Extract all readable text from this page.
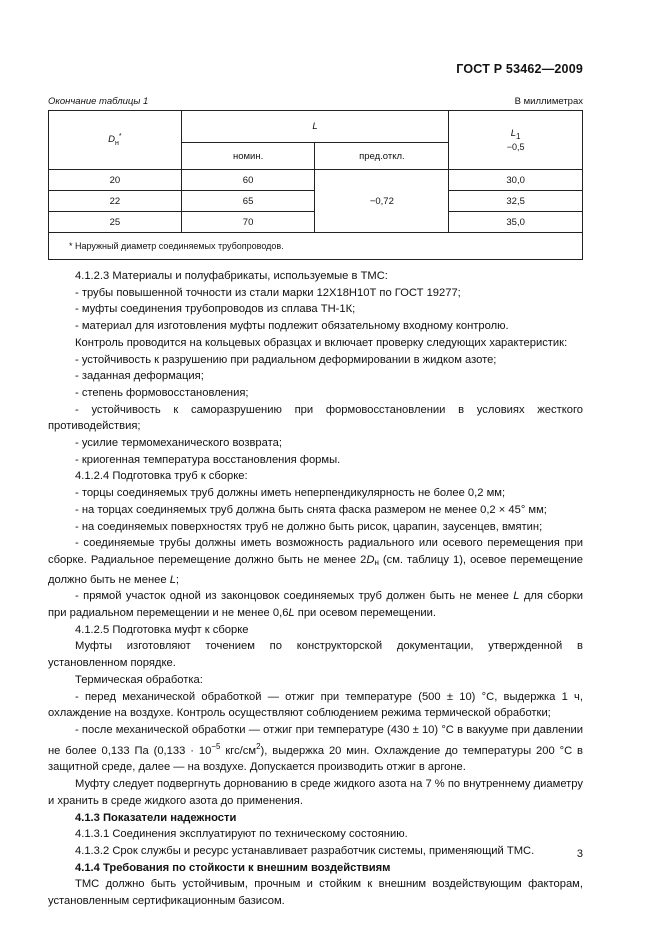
ГОСТ Р 53462—2009
Окончание таблицы 1	В миллиметрах
$D_н^*$	L		$L_1$
−0,5

	номин.	пред.откл.	
20	60	−0,72	30,0
22	65		32,5
25	70		35,0
* Наружный диаметр соединяемых трубопроводов.			

4.1.2.3 Материалы и полуфабрикаты, используемые в ТМС:

- трубы повышенной точности из стали марки 12Х18Н10Т по ГОСТ 19277;

- муфты соединения трубопроводов из сплава ТН-1К;

- материал для изготовления муфты подлежит обязательному входному контролю.

Контроль проводится на кольцевых образцах и включает проверку следующих характеристик:

- устойчивость к разрушению при радиальном деформировании в жидком азоте;

- заданная деформация;

- степень формовосстановления;

- устойчивость к саморазрушению при формовосстановлении в условиях жесткого противодействия;

- усилие термомеханического возврата;

- криогенная температура восстановления формы.

4.1.2.4 Подготовка труб к сборке:

- торцы соединяемых труб должны иметь неперпендикулярность не более 0,2 мм;

- на торцах соединяемых труб должна быть снята фаска размером не менее 0,2 × 45° мм;

- на соединяемых поверхностях труб не должно быть рисок, царапин, заусенцев, вмятин;

- соединяемые трубы должны иметь возможность радиального или осевого перемещения при сборке. Радиальное перемещение должно быть не менее 2Dн (см. таблицу 1), осевое перемещение должно быть не менее L;

- прямой участок одной из законцовок соединяемых труб должен быть не менее L для сборки при радиальном перемещении и не менее 0,6L при осевом перемещении.

4.1.2.5 Подготовка муфт к сборке

Муфты изготовляют точением по конструкторской документации, утвержденной в установленном порядке.

Термическая обработка:

- перед механической обработкой — отжиг при температуре (500 ± 10) °С, выдержка 1 ч, охлаждение на воздухе. Контроль осуществляют соблюдением режима термической обработки;

- после механической обработки — отжиг при температуре (430 ± 10) °С в вакууме при давлении не более 0,133 Па ($0,133 \cdot 10^{-5}$ кгс/$см^2$), выдержка 20 мин. Охлаждение до температуры 200 °С в защитной среде, далее — на воздухе. Допускается производить отжиг в аргоне.

Муфту следует подвергнуть дорнованию в среде жидкого азота на 7 % по внутреннему диаметру и хранить в среде жидкого азота до применения.

4.1.3 Показатели надежности

4.1.3.1 Соединения эксплуатируют по техническому состоянию.

4.1.3.2 Срок службы и ресурс устанавливает разработчик системы, применяющий ТМС.

4.1.4 Требования по стойкости к внешним воздействиям

ТМС должно быть устойчивым, прочным и стойким к внешним воздействующим факторам, установленным сертификационным базисом.

3
